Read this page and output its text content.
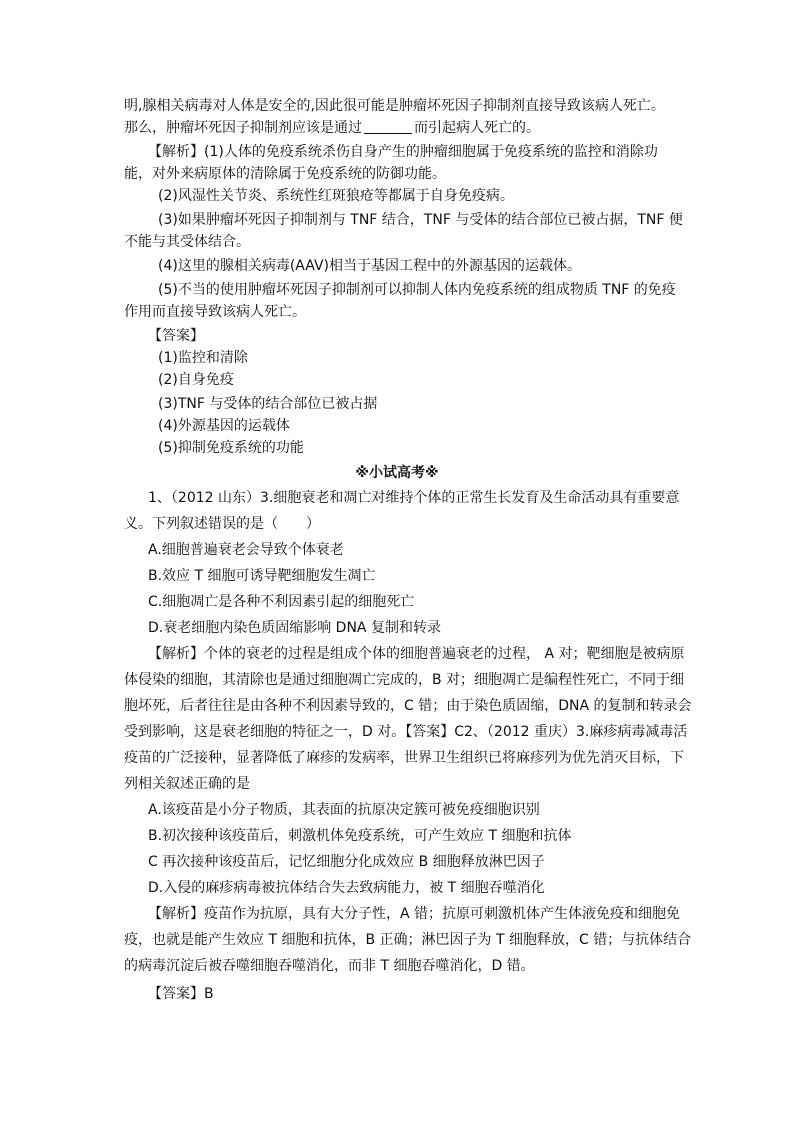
明,腺相关病毒对人体是安全的,因此很可能是肿瘤坏死因子抑制剂直接导致该病人死亡。
那么，肿瘤坏死因子抑制剂应该是通过	而引起病人死亡的。
【解析】(1)人体的免疫系统杀伤自身产生的肿瘤细胞属于免疫系统的监控和消除功
能，对外来病原体的清除属于免疫系统的防御功能。
(2)风湿性关节炎、系统性红斑狼疮等都属于自身免疫病。
(3)如果肿瘤坏死因子抑制剂与 TNF 结合，TNF 与受体的结合部位已被占据，TNF 便
不能与其受体结合。
(4)这里的腺相关病毒(AAV)相当于基因工程中的外源基因的运载体。
(5)不当的使用肿瘤坏死因子抑制剂可以抑制人体内免疫系统的组成物质 TNF 的免疫
作用而直接导致该病人死亡。
【答案】
(1)监控和清除
(2)自身免疫
(3)TNF 与受体的结合部位已被占据
(4)外源基因的运载体
(5)抑制免疫系统的功能
※小试高考※
1、（2012 山东）3.细胞衰老和凋亡对维持个体的正常生长发育及生命活动具有重要意
义。下列叙述错误的是（　　）
A.细胞普遍衰老会导致个体衰老
B.效应 T 细胞可诱导靶细胞发生凋亡
C.细胞凋亡是各种不利因素引起的细胞死亡
D.衰老细胞内染色质固缩影响 DNA 复制和转录
【解析】个体的衰老的过程是组成个体的细胞普遍衰老的过程， A 对；靶细胞是被病原
体侵染的细胞，其清除也是通过细胞凋亡完成的，B 对；细胞凋亡是编程性死亡，不同于细
胞坏死，后者往往是由各种不利因素导致的，C 错；由于染色质固缩，DNA 的复制和转录会
受到影响，这是衰老细胞的特征之一，D 对。【答案】C2、（2012 重庆）3.麻疹病毒减毒活
疫苗的广泛接种，显著降低了麻疹的发病率，世界卫生组织已将麻疹列为优先消灭目标，下
列相关叙述正确的是
A.该疫苗是小分子物质，其表面的抗原决定簇可被免疫细胞识别
B.初次接种该疫苗后，刺激机体免疫系统，可产生效应 T 细胞和抗体
C 再次接种该疫苗后，记忆细胞分化成效应 B 细胞释放淋巴因子
D.入侵的麻疹病毒被抗体结合失去致病能力，被 T 细胞吞噬消化
【解析】疫苗作为抗原，具有大分子性，A 错；抗原可刺激机体产生体液免疫和细胞免
疫，也就是能产生效应 T 细胞和抗体，B 正确；淋巴因子为 T 细胞释放，C 错；与抗体结合
的病毒沉淀后被吞噬细胞吞噬消化，而非 T 细胞吞噬消化，D 错。
【答案】B
